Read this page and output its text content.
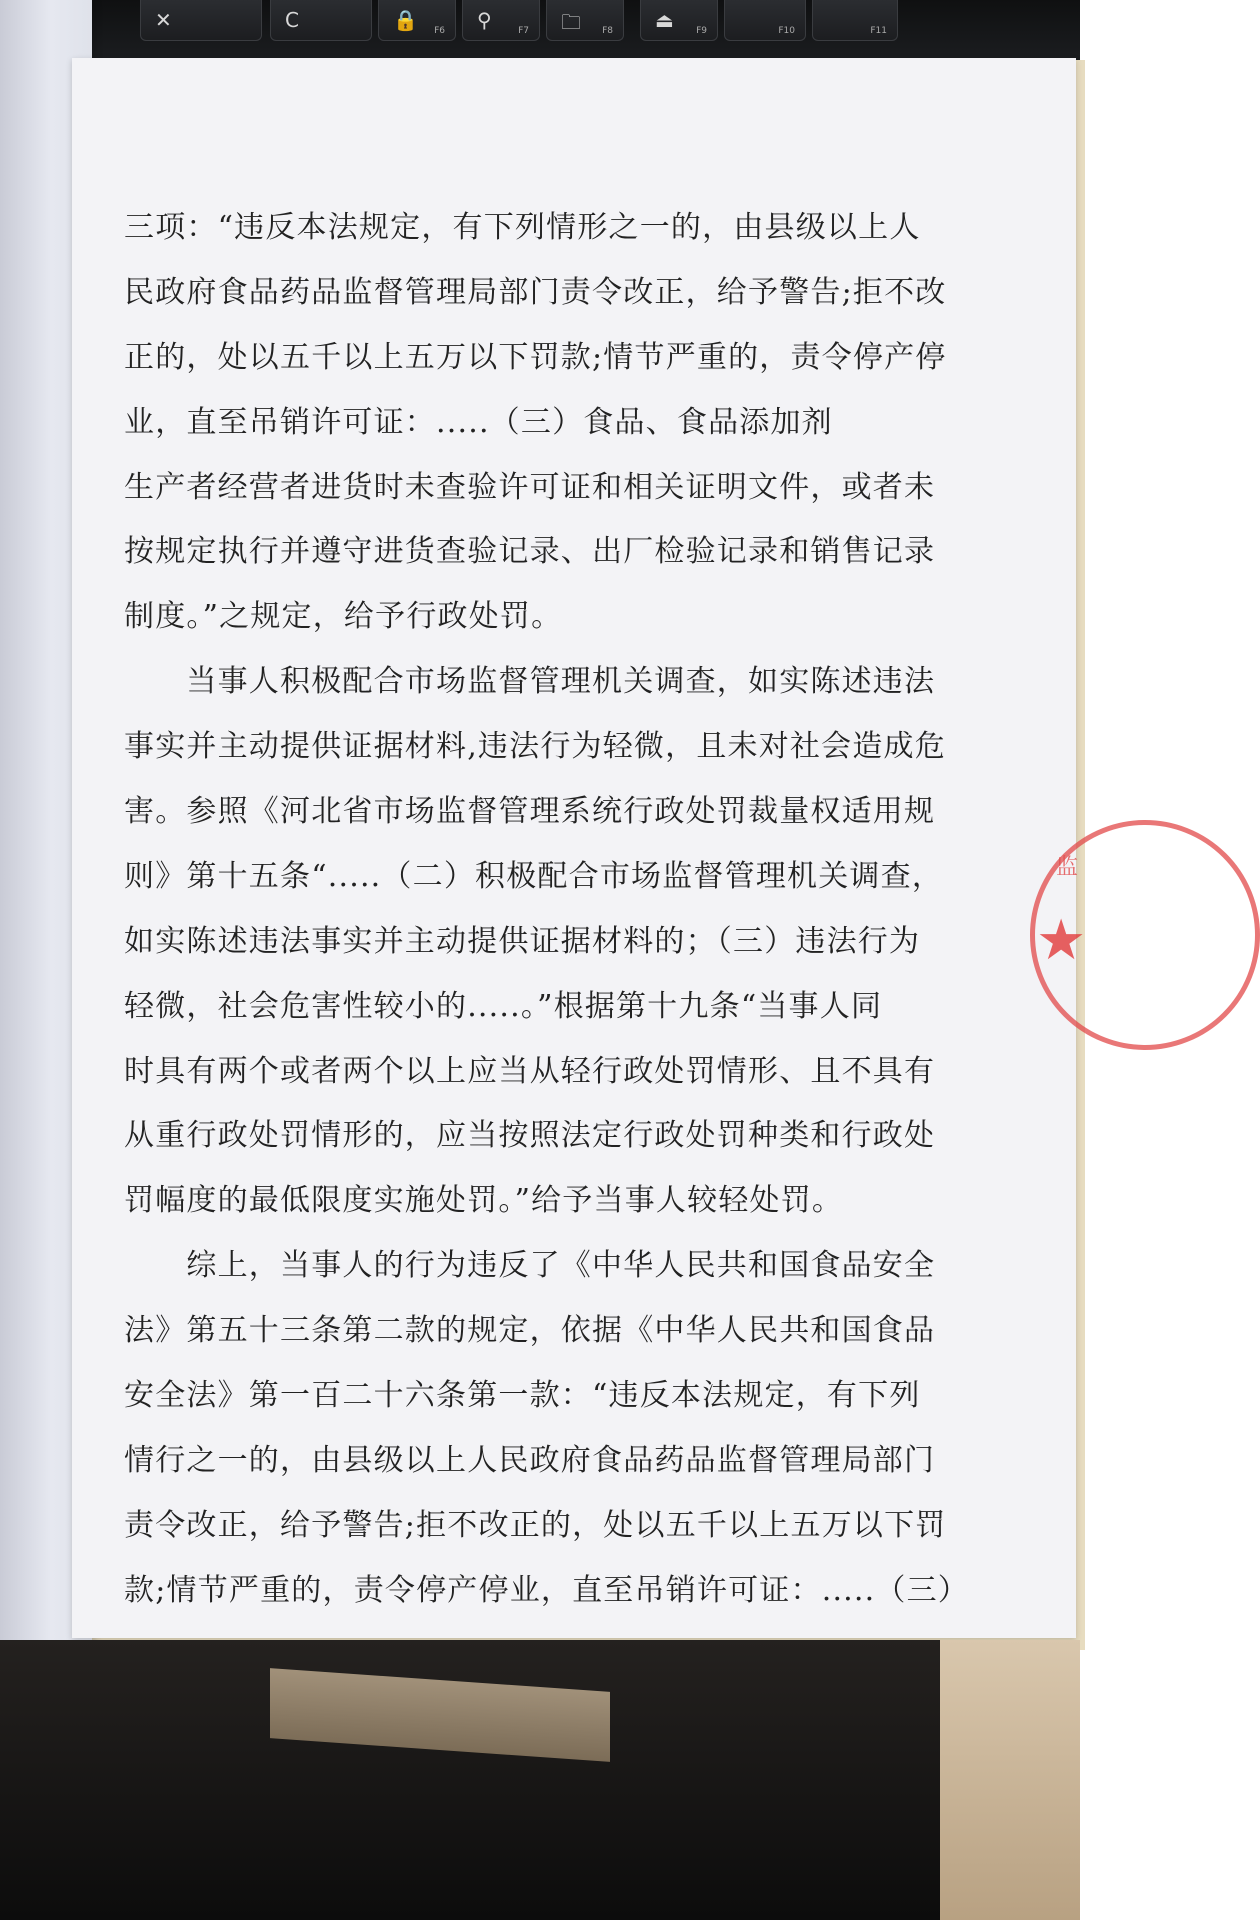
✕	C	🔒 F6 ⚲	F7 🗀 F8 ⏏ F9	F10	F11
三项：“违反本法规定，有下列情形之一的，由县级以上人
民政府食品药品监督管理局部门责令改正，给予警告;拒不改
正的，处以五千以上五万以下罚款;情节严重的，责令停产停
业，直至吊销许可证：.....（三）食品、食品添加剂
生产者经营者进货时未查验许可证和相关证明文件，或者未
按规定执行并遵守进货查验记录、出厂检验记录和销售记录
制度。”之规定，给予行政处罚。
　　当事人积极配合市场监督管理机关调查，如实陈述违法
事实并主动提供证据材料,违法行为轻微，且未对社会造成危
害。参照《河北省市场监督管理系统行政处罚裁量权适用规
则》第十五条“.....（二）积极配合市场监督管理机关调查，
如实陈述违法事实并主动提供证据材料的；（三）违法行为
轻微，社会危害性较小的.....。”根据第十九条“当事人同
时具有两个或者两个以上应当从轻行政处罚情形、且不具有
从重行政处罚情形的，应当按照法定行政处罚种类和行政处
罚幅度的最低限度实施处罚。”给予当事人较轻处罚。
　　综上，当事人的行为违反了《中华人民共和国食品安全
法》第五十三条第二款的规定，依据《中华人民共和国食品
安全法》第一百二十六条第一款：“违反本法规定，有下列
情行之一的，由县级以上人民政府食品药品监督管理局部门
责令改正，给予警告;拒不改正的，处以五千以上五万以下罚
款;情节严重的，责令停产停业，直至吊销许可证：.....（三）
监
★
